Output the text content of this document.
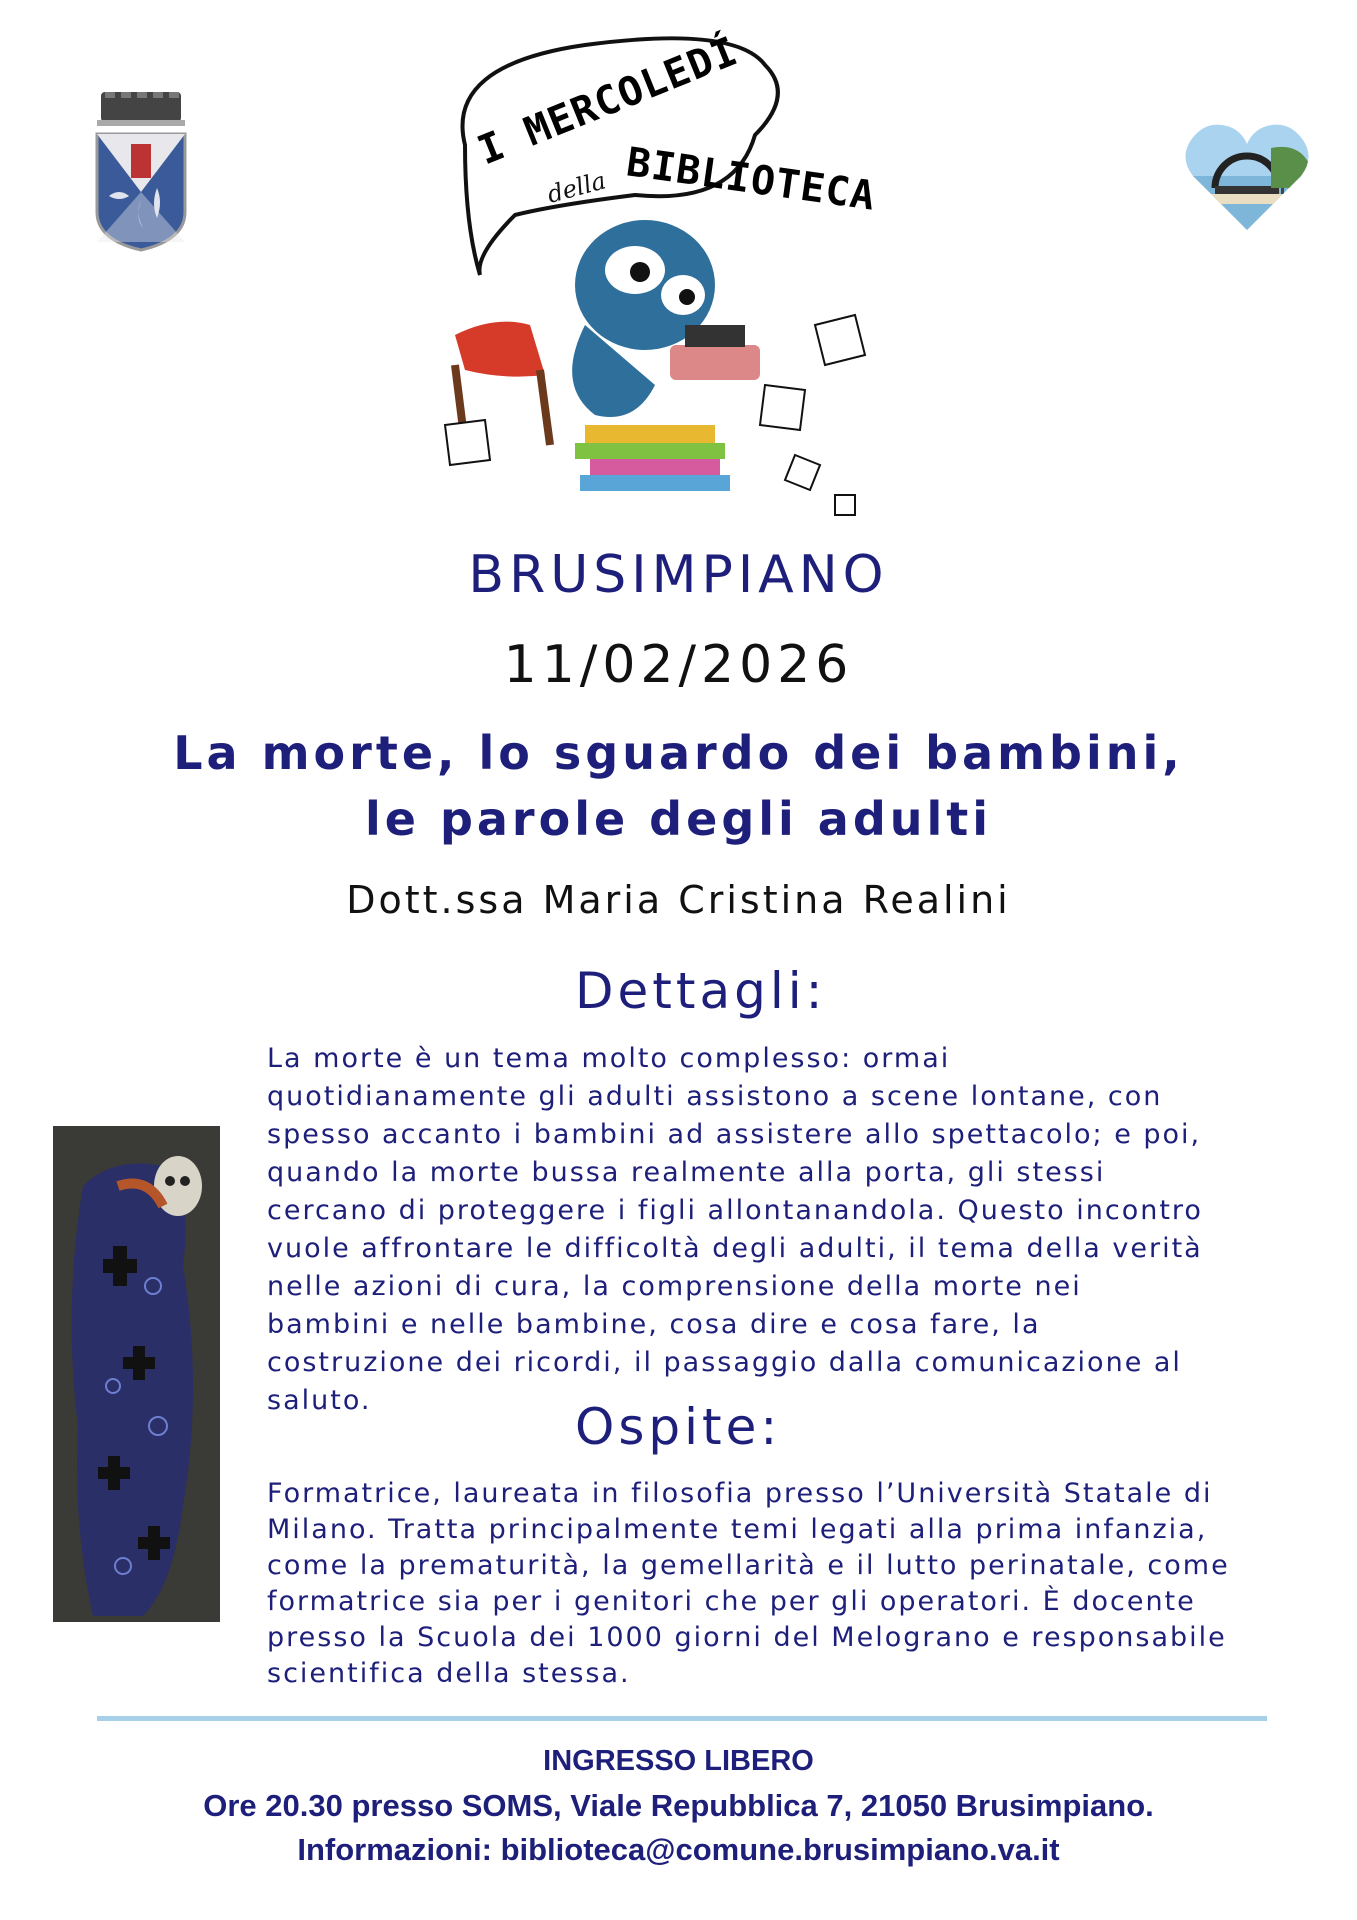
I MERCOLEDÍ
della BIBLIOTECA
BRUSIMPIANO
11/02/2026
La morte, lo sguardo dei bambini,
le parole degli adulti
Dott.ssa Maria Cristina Realini
Dettagli:
La morte è un tema molto complesso: ormai
quotidianamente gli adulti assistono a scene lontane, con
spesso accanto i bambini ad assistere allo spettacolo; e poi,
quando la morte bussa realmente alla porta, gli stessi
cercano di proteggere i figli allontanandola. Questo incontro
vuole affrontare le difficoltà degli adulti, il tema della verità
nelle azioni di cura, la comprensione della morte nei
bambini e nelle bambine, cosa dire e cosa fare, la
costruzione dei ricordi, il passaggio dalla comunicazione al
saluto.	Ospite:
Formatrice, laureata in filosofia presso l’Università Statale di
Milano. Tratta principalmente temi legati alla prima infanzia,
come la prematurità, la gemellarità e il lutto perinatale, come
formatrice sia per i genitori che per gli operatori. È docente
presso la Scuola dei 1000 giorni del Melograno e responsabile
scientifica della stessa.
INGRESSO LIBERO
Ore 20.30 presso SOMS, Viale Repubblica 7, 21050 Brusimpiano.
Informazioni: biblioteca@comune.brusimpiano.va.it
